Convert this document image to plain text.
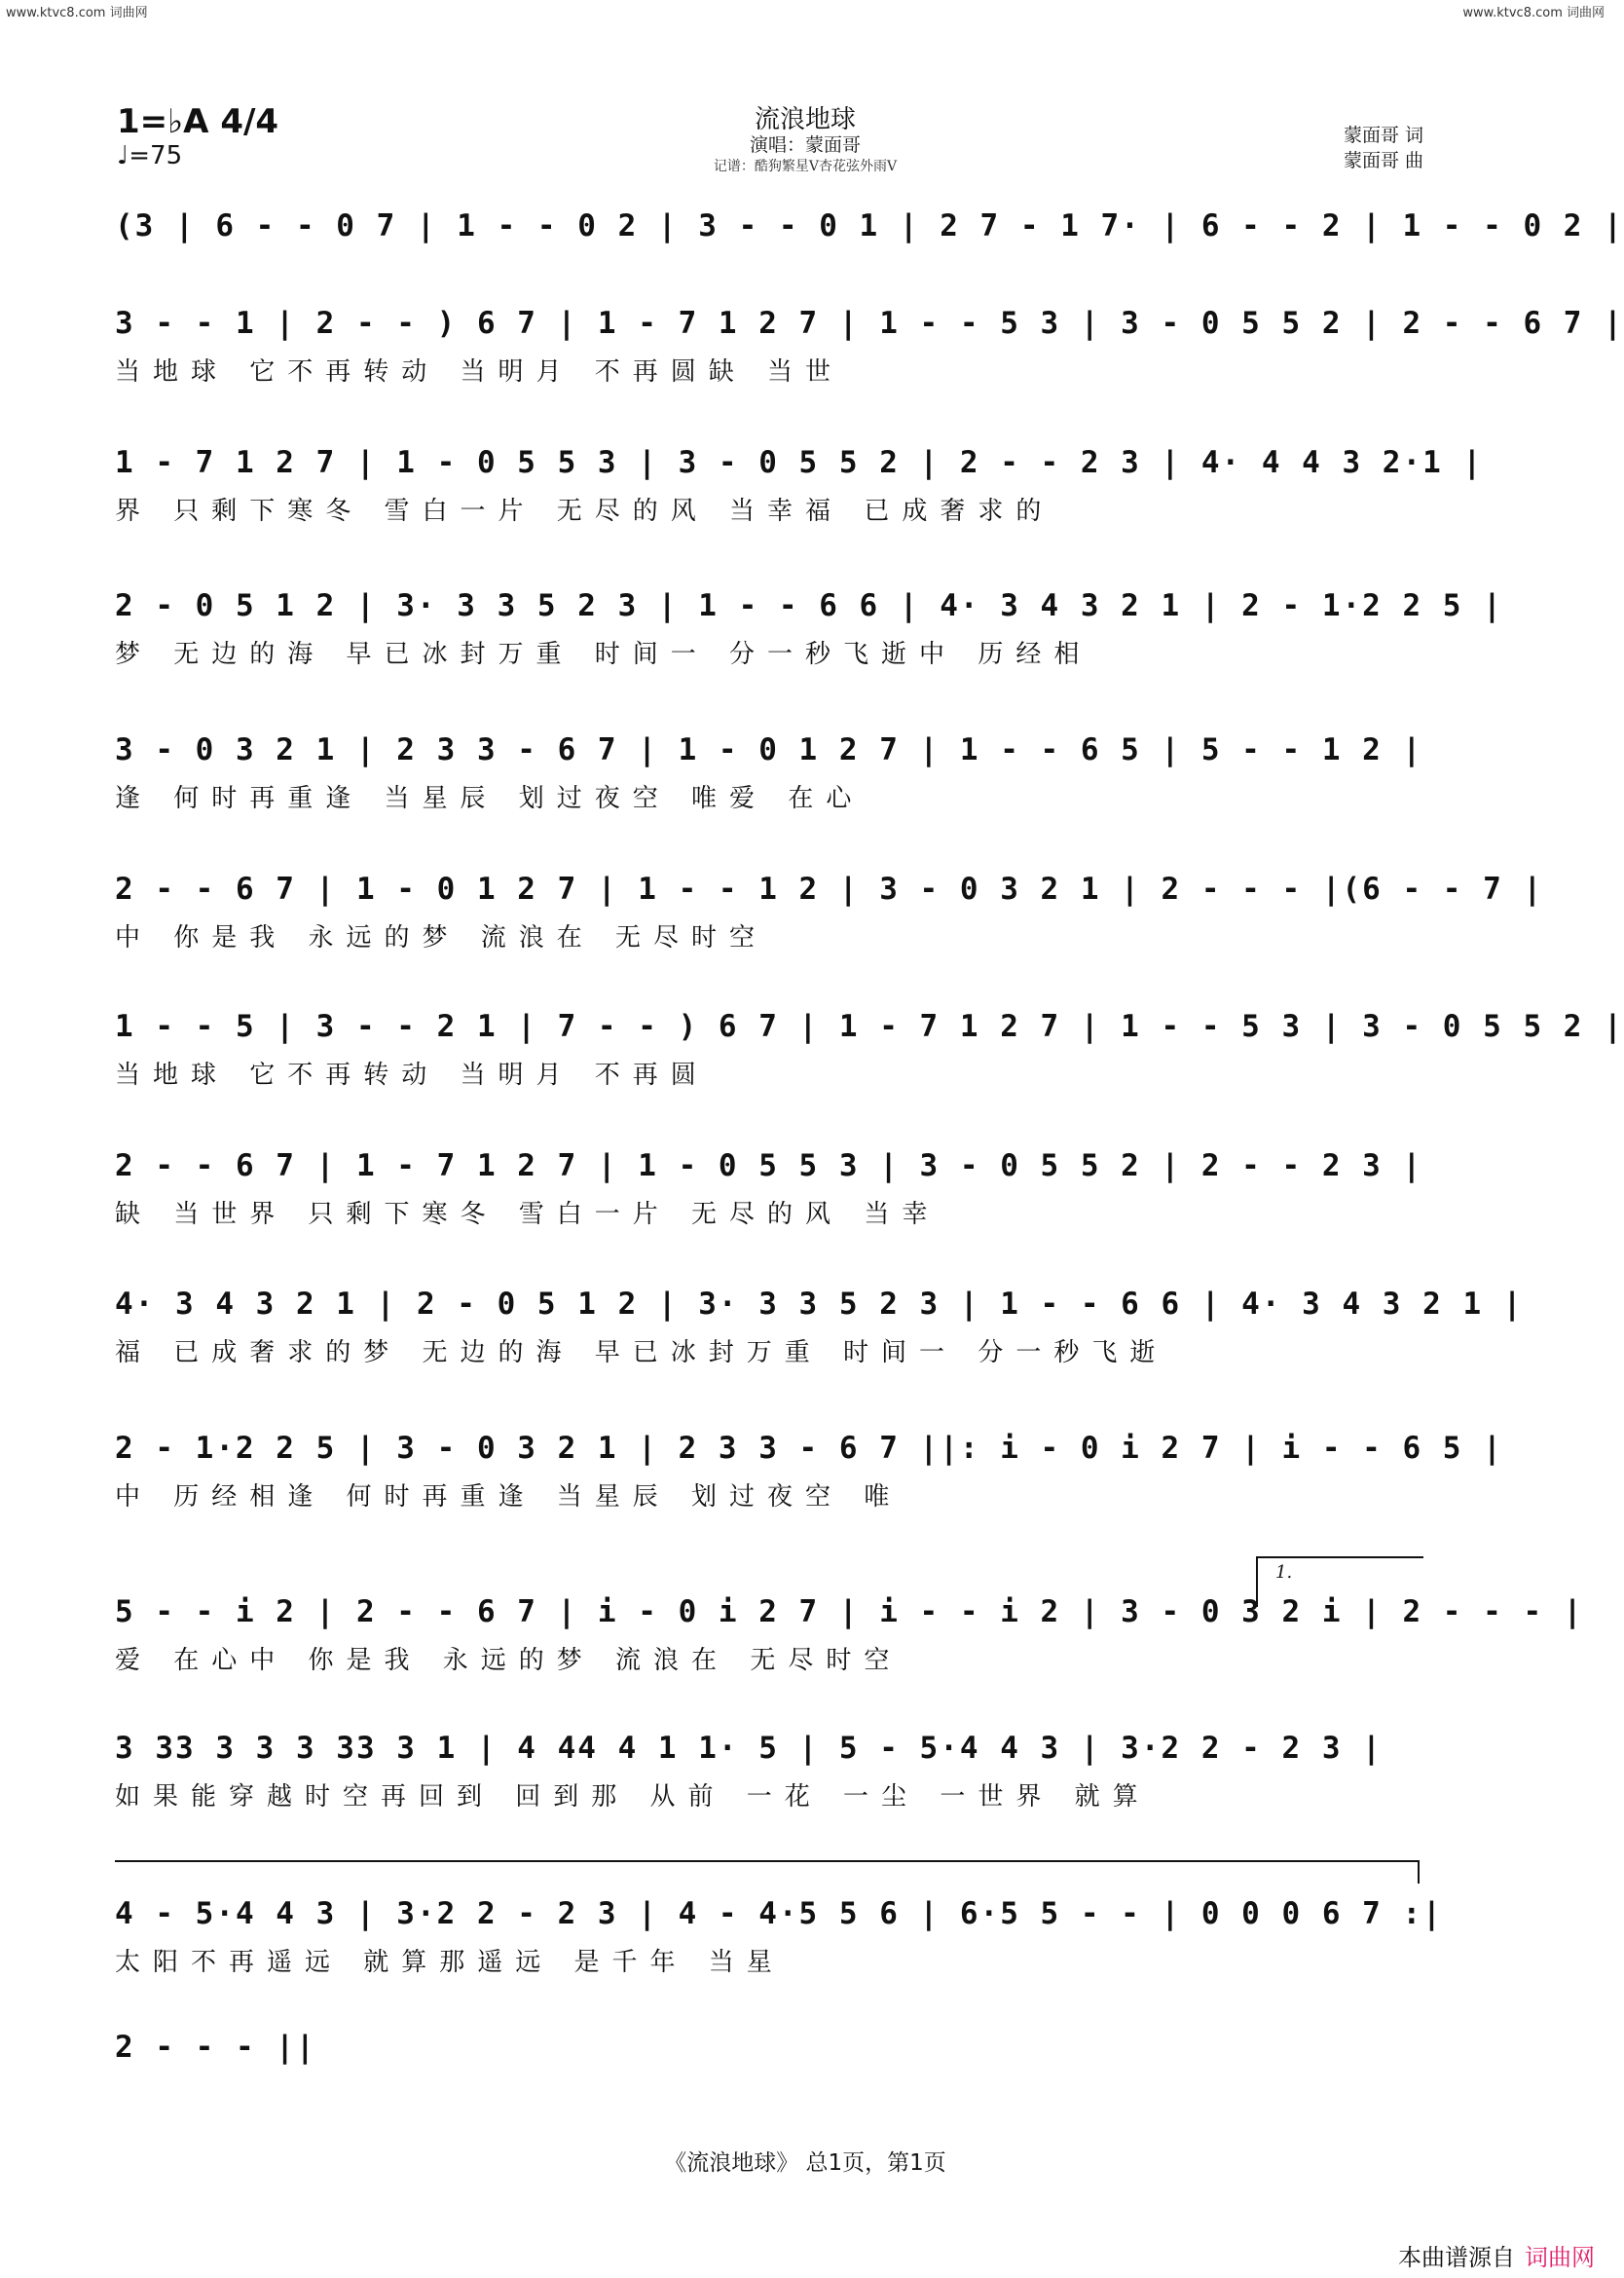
www.ktvc8.com 词曲网	www.ktvc8.com 词曲网
1=♭A 4/4
♩=75
流浪地球
演唱：蒙面哥
记谱：酷狗繁星V杏花弦外雨V
蒙面哥 词
蒙面哥 曲
(3 | 6 - - 0 7 | 1 - - 0 2 | 3 - - 0 1 | 2 7 - 1 7· | 6 - - 2 | 1 - - 0 2 |
3 - - 1 | 2 - - ) 6 7 | 1 - 7 1 2 7 | 1 - - 5 3 | 3 - 0 5 5 2 | 2 - - 6 7 |
当地球 它不再转动 当明月 不再圆缺 当世
1 - 7 1 2 7 | 1 - 0 5 5 3 | 3 - 0 5 5 2 | 2 - - 2 3 | 4· 4 4 3 2·1 |
界 只剩下寒冬 雪白一片 无尽的风 当幸福 已成奢求的
2 - 0 5 1 2 | 3· 3 3 5 2 3 | 1 - - 6 6 | 4· 3 4 3 2 1 | 2 - 1·2 2 5 |
梦 无边的海 早已冰封万重 时间一 分一秒飞逝中 历经相
3 - 0 3 2 1 | 2 3 3 - 6 7 | 1 - 0 1 2 7 | 1 - - 6 5 | 5 - - 1 2 |
逢 何时再重逢 当星辰 划过夜空 唯爱 在心
2 - - 6 7 | 1 - 0 1 2 7 | 1 - - 1 2 | 3 - 0 3 2 1 | 2 - - - |(6 - - 7 |
中 你是我 永远的梦 流浪在 无尽时空
1 - - 5 | 3 - - 2 1 | 7 - - ) 6 7 | 1 - 7 1 2 7 | 1 - - 5 3 | 3 - 0 5 5 2 |
当地球 它不再转动 当明月 不再圆
2 - - 6 7 | 1 - 7 1 2 7 | 1 - 0 5 5 3 | 3 - 0 5 5 2 | 2 - - 2 3 |
缺 当世界 只剩下寒冬 雪白一片 无尽的风 当幸
4· 3 4 3 2 1 | 2 - 0 5 1 2 | 3· 3 3 5 2 3 | 1 - - 6 6 | 4· 3 4 3 2 1 |
福 已成奢求的梦 无边的海 早已冰封万重 时间一 分一秒飞逝
2 - 1·2 2 5 | 3 - 0 3 2 1 | 2 3 3 - 6 7 ||: i - 0 i 2 7 | i - - 6 5 |
中 历经相逢 何时再重逢 当星辰 划过夜空 唯
1.
5 - - i 2 | 2 - - 6 7 | i - 0 i 2 7 | i - - i 2 | 3 - 0 3 2 i | 2 - - - |
爱 在心中 你是我 永远的梦 流浪在 无尽时空
3 33 3 3 3 33 3 1 | 4 44 4 1 1· 5 | 5 - 5·4 4 3 | 3·2 2 - 2 3 |
如果能穿越时空再回到 回到那 从前 一花 一尘 一世界 就算
4 - 5·4 4 3 | 3·2 2 - 2 3 | 4 - 4·5 5 6 | 6·5 5 - - | 0 0 0 6 7 :|
太阳不再遥远 就算那遥远 是千年 当星
2 - - - ||
《流浪地球》 总1页，第1页
本曲谱源自 词曲网
